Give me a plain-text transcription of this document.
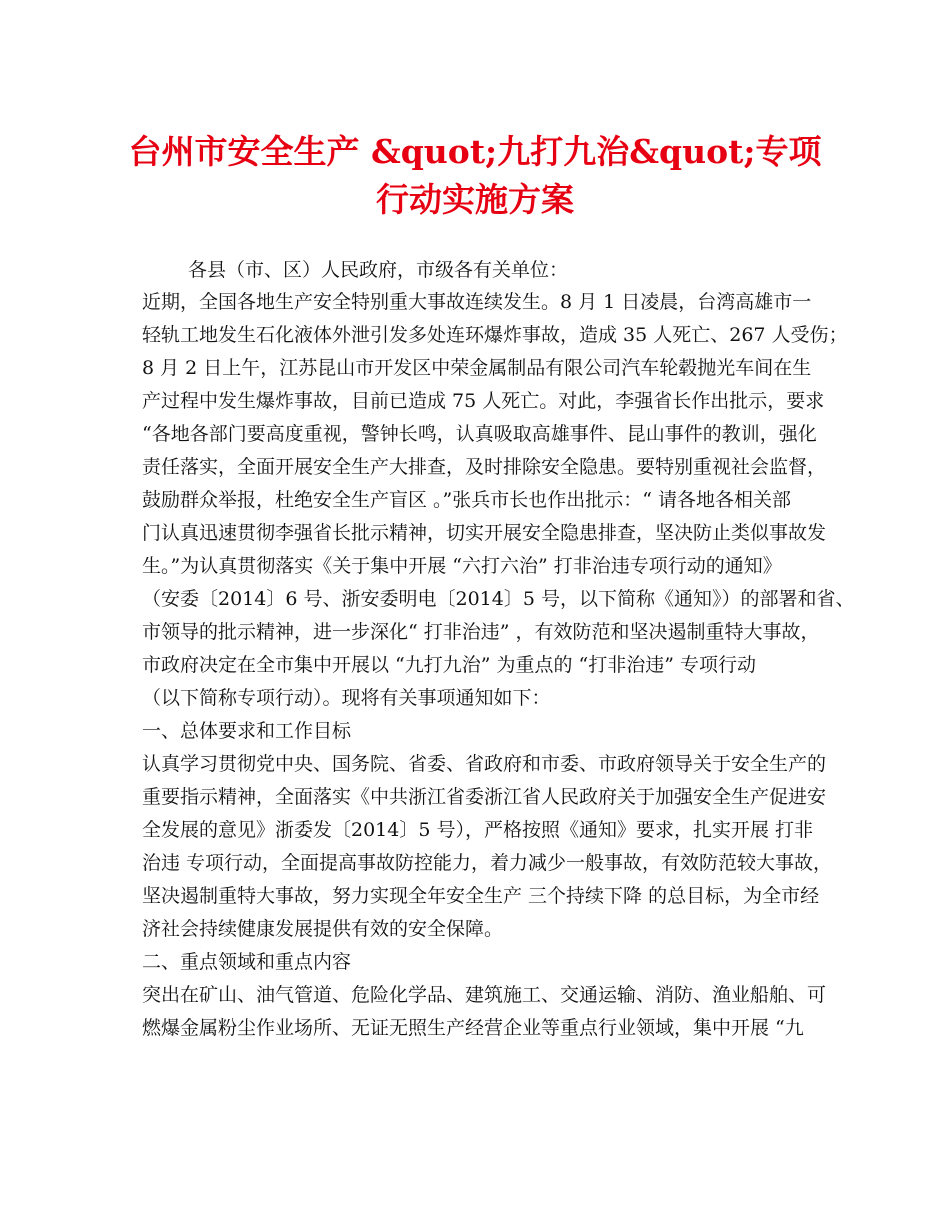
台州市安全生产 &quot;九打九治&quot;专项
行动实施方案
各县（市、区）人民政府，市级各有关单位：
近期，全国各地生产安全特别重大事故连续发生。8 月 1 日凌晨，台湾高雄市一
轻轨工地发生石化液体外泄引发多处连环爆炸事故，造成 35 人死亡、267 人受伤；
8 月 2 日上午，江苏昆山市开发区中荣金属制品有限公司汽车轮毂抛光车间在生
产过程中发生爆炸事故，目前已造成 75 人死亡。对此，李强省长作出批示，要求
“各地各部门要高度重视，警钟长鸣，认真吸取高雄事件、昆山事件的教训，强化
责任落实，全面开展安全生产大排查，及时排除安全隐患。要特别重视社会监督，
鼓励群众举报，杜绝安全生产盲区 。”张兵市长也作出批示：“ 请各地各相关部
门认真迅速贯彻李强省长批示精神，切实开展安全隐患排查，坚决防止类似事故发
生。”为认真贯彻落实《关于集中开展 “六打六治” 打非治违专项行动的通知》
（安委〔2014〕6 号、浙安委明电〔2014〕5 号，以下简称《通知》）的部署和省、
市领导的批示精神，进一步深化“ 打非治违” ，有效防范和坚决遏制重特大事故，
市政府决定在全市集中开展以 “九打九治” 为重点的 “打非治违” 专项行动
（以下简称专项行动）。现将有关事项通知如下：
一、总体要求和工作目标
认真学习贯彻党中央、国务院、省委、省政府和市委、市政府领导关于安全生产的
重要指示精神，全面落实《中共浙江省委浙江省人民政府关于加强安全生产促进安
全发展的意见》浙委发〔2014〕5 号），严格按照《通知》要求，扎实开展 打非
治违 专项行动，全面提高事故防控能力，着力减少一般事故，有效防范较大事故，
坚决遏制重特大事故，努力实现全年安全生产 三个持续下降 的总目标，为全市经
济社会持续健康发展提供有效的安全保障。
二、重点领域和重点内容
突出在矿山、油气管道、危险化学品、建筑施工、交通运输、消防、渔业船舶、可
燃爆金属粉尘作业场所、无证无照生产经营企业等重点行业领域，集中开展 “九
